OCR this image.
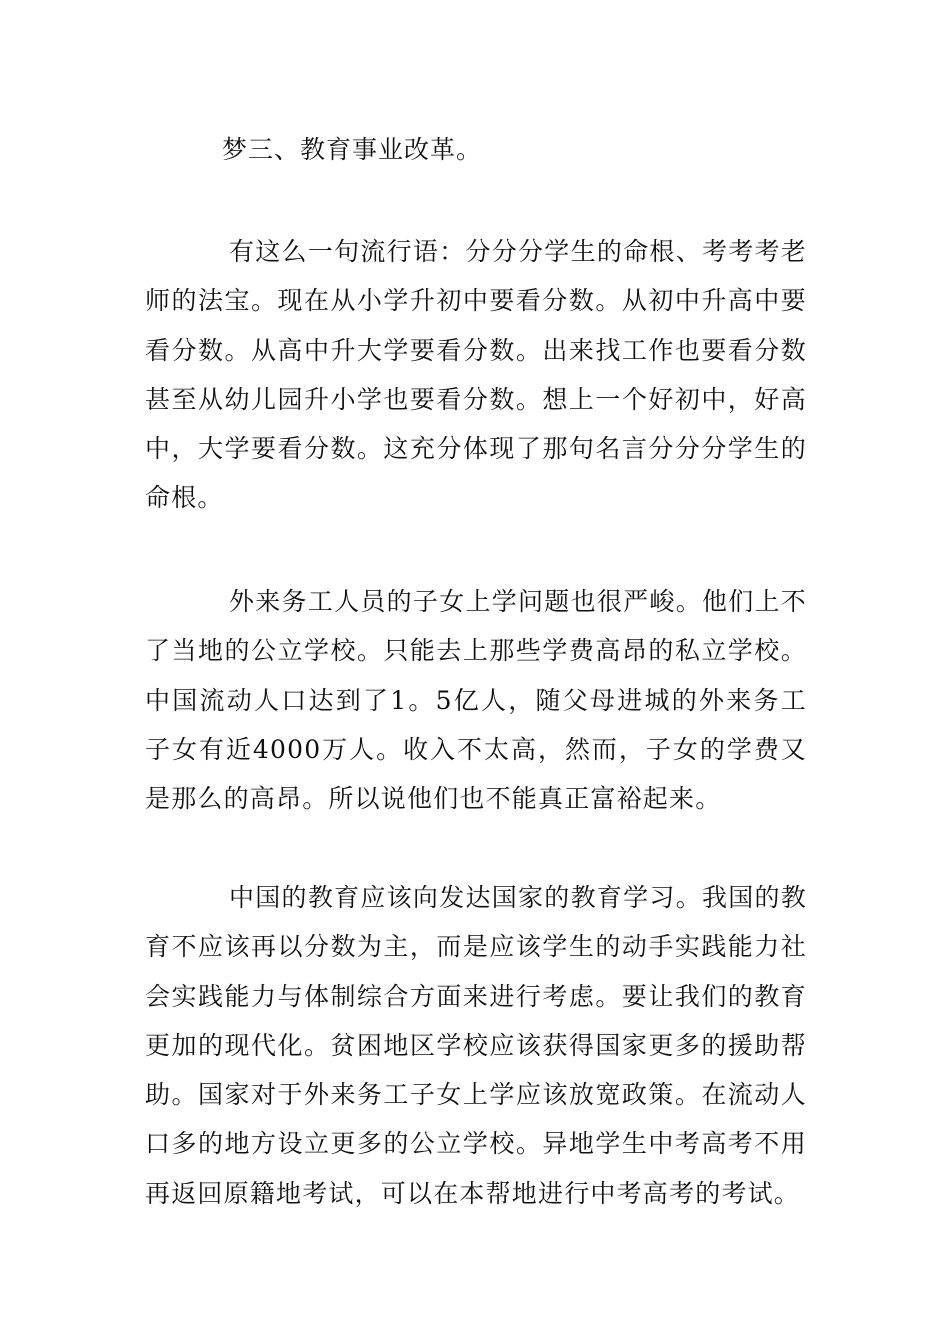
梦三、教育事业改革。

有这么一句流行语：分分分学生的命根、考考考老师的法宝。现在从小学升初中要看分数。从初中升高中要看分数。从高中升大学要看分数。出来找工作也要看分数甚至从幼儿园升小学也要看分数。想上一个好初中，好高中，大学要看分数。这充分体现了那句名言分分分学生的命根。

外来务工人员的子女上学问题也很严峻。他们上不了当地的公立学校。只能去上那些学费高昂的私立学校。中国流动人口达到了1。5亿人，随父母进城的外来务工子女有近4000万人。收入不太高，然而，子女的学费又是那么的高昂。所以说他们也不能真正富裕起来。

中国的教育应该向发达国家的教育学习。我国的教育不应该再以分数为主，而是应该学生的动手实践能力社会实践能力与体制综合方面来进行考虑。要让我们的教育更加的现代化。贫困地区学校应该获得国家更多的援助帮助。国家对于外来务工子女上学应该放宽政策。在流动人口多的地方设立更多的公立学校。异地学生中考高考不用再返回原籍地考试，可以在本帮地进行中考高考的考试。
